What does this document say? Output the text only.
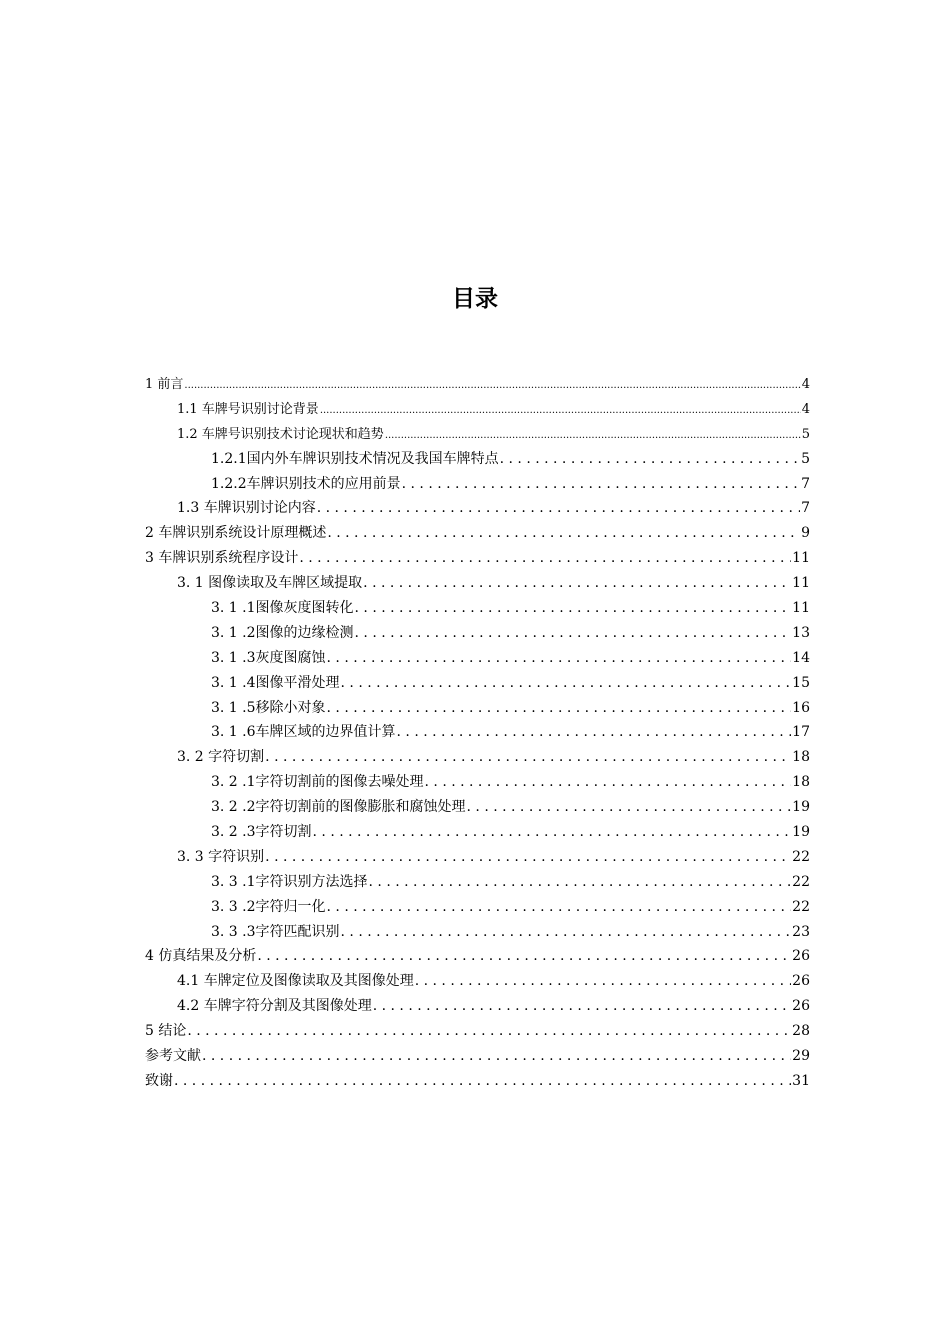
目录
1 前言 .....	4
1.1 车牌号识别讨论背景 .....	4
1.2 车牌号识别技术讨论现状和趋势 .....	5
1.2.1国内外车牌识别技术情况及我国车牌特点 . . .	5
1.2.2车牌识别技术的应用前景 . . .	7
1.3 车牌识别讨论内容 . . .	7
2 车牌识别系统设计原理概述 . . .	9
3 车牌识别系统程序设计 . . .	11
3. 1 图像读取及车牌区域提取 . . .	11
3. 1 .1图像灰度图转化 . . .	11
3. 1 .2图像的边缘检测 . . .	13
3. 1 .3灰度图腐蚀 . . .	14
3. 1 .4图像平滑处理 . . .	15
3. 1 .5移除小对象 . . .	16
3. 1 .6车牌区域的边界值计算 . . .	17
3. 2 字符切割 . . .	18
3. 2 .1字符切割前的图像去噪处理 . . .	18
3. 2 .2字符切割前的图像膨胀和腐蚀处理 . . .	19
3. 2 .3字符切割 . . .	19
3. 3 字符识别 . . .	22
3. 3 .1字符识别方法选择 . . .	22
3. 3 .2字符归一化 . . .	22
3. 3 .3字符匹配识别 . . .	23
4 仿真结果及分析 . . .	26
4.1 车牌定位及图像读取及其图像处理 . . .	26
4.2 车牌字符分割及其图像处理 . . .	26
5 结论 . . .	28
参考文献 . . .	29
致谢 . . .	31
